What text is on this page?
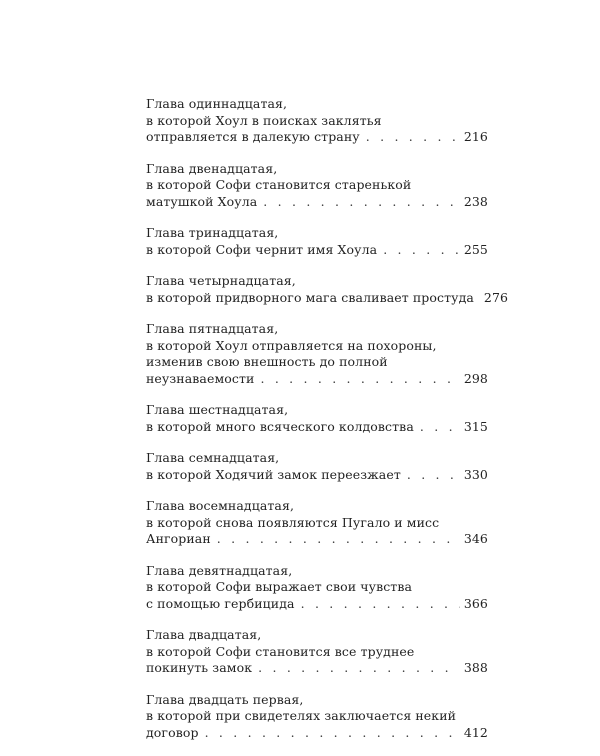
Глава одиннадцатая,
в которой Хоул в поисках заклятья
отправляется в далекую страну . . .	216
Глава двенадцатая,
в которой Софи становится старенькой
матушкой Хоула . . .	238
Глава тринадцатая,
в которой Софи чернит имя Хоула . . .	255
Глава четырнадцатая,
в которой придворного мага сваливает простуда 276
Глава пятнадцатая,
в которой Хоул отправляется на похороны,
изменив свою внешность до полной
неузнаваемости . . .	298
Глава шестнадцатая,
в которой много всяческого колдовства . . .	315
Глава семнадцатая,
в которой Ходячий замок переезжает . . .	330
Глава восемнадцатая,
в которой снова появляются Пугало и мисс
Ангориан . . .	346
Глава девятнадцатая,
в которой Софи выражает свои чувства
с помощью гербицида . . .	366
Глава двадцатая,
в которой Софи становится все труднее
покинуть замок . . .	388
Глава двадцать первая,
в которой при свидетелях заключается некий
договор . . .	412
